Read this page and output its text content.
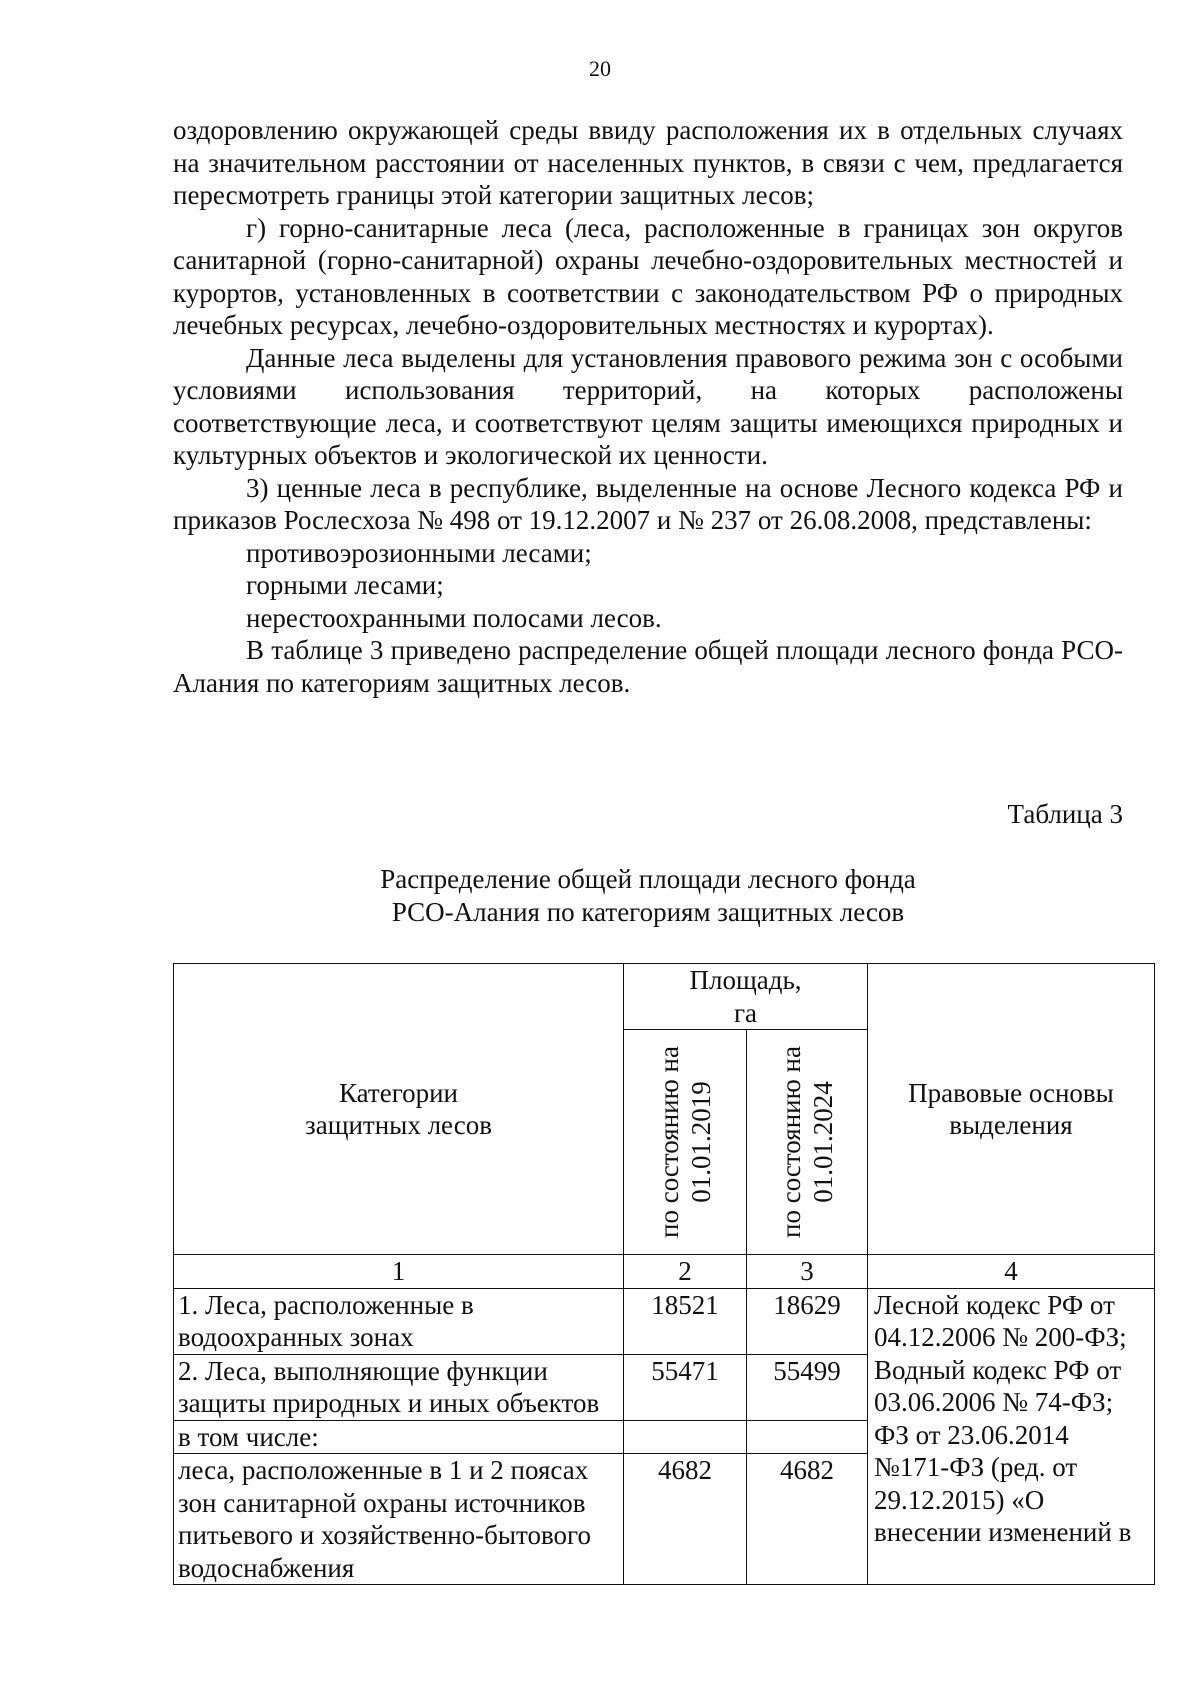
20

оздоровлению окружающей среды ввиду расположения их в отдельных случаях на значительном расстоянии от населенных пунктов, в связи с чем, предлагается пересмотреть границы этой категории защитных лесов;

г) горно-санитарные леса (леса, расположенные в границах зон округов санитарной (горно-санитарной) охраны лечебно-оздоровительных местностей и курортов, установленных в соответствии с законодательством РФ о природных лечебных ресурсах, лечебно-оздоровительных местностях и курортах).

Данные леса выделены для установления правового режима зон с особыми условиями использования территорий, на которых расположены соответствующие леса, и соответствуют целям защиты имеющихся природных и культурных объектов и экологической их ценности.

3) ценные леса в республике, выделенные на основе Лесного кодекса РФ и приказов Рослесхоза № 498 от 19.12.2007 и № 237 от 26.08.2008, представлены:

противоэрозионными лесами;

горными лесами;

нерестоохранными полосами лесов.

В таблице 3 приведено распределение общей площади лесного фонда РСО-Алания по категориям защитных лесов.

Таблица 3
Распределение общей площади лесного фонда
РСО-Алания по категориям защитных лесов
Категории защитных лесов	Площадь, га		Правовые основы выделения

	по состоянию на 01.01.2019	по состоянию на 01.01.2024	

1	2	3	4
1. Леса, расположенные в водоохранных зонах	18521	18629	Лесной кодекс РФ от 04.12.2006 № 200-ФЗ; Водный кодекс РФ от 03.06.2006 № 74-ФЗ; ФЗ от 23.06.2014 №171-ФЗ (ред. от 29.12.2015) «О внесении изменений в
2. Леса, выполняющие функции защиты природных и иных объектов	55471	55499	
в том числе:			
леса, расположенные в 1 и 2 поясах зон санитарной охраны источников питьевого и хозяйственно-бытового водоснабжения	4682	4682	
